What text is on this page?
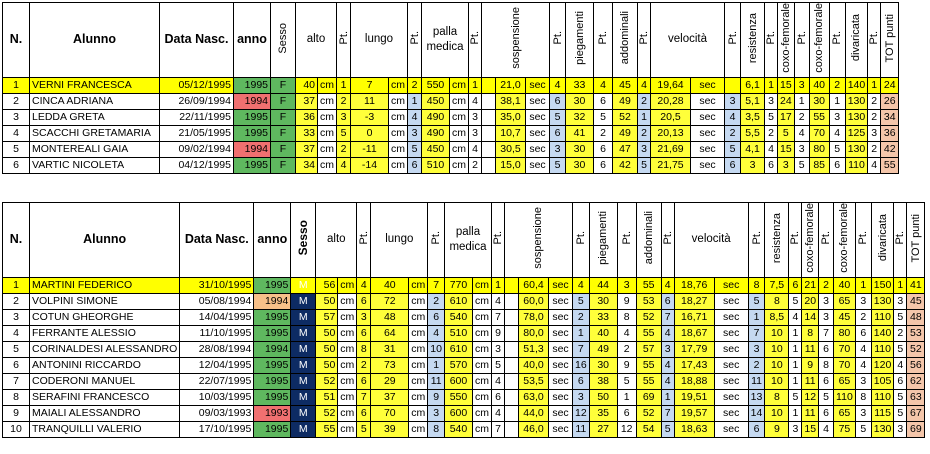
N.	Alunno	Data Nasc.	anno	Sesso	alto		Pt.	lungo		Pt.	palla
medica		Pt.	sospensione			Pt.	piegamenti	Pt.	addominali	Pt.	velocità		Pt.	resistenza	Pt.	coxo-femorale	Pt.	coxo-femorale	Pt.	divaricata	Pt.	TOT punti
1	VERNI FRANCESCA	05/12/1995	1995	F	40	cm	1	7	cm	2	550	cm	1		21,0	sec	4	33	4	45	4	19,64	sec		6,1	1	15	3	40	2	140	1	24
2	CINCA ADRIANA	26/09/1994	1994	F	37	cm	2	11	cm	1	450	cm	4		38,1	sec	6	30	6	49	2	20,28	sec	3	5,1	3	24	1	30	1	130	2	26
3	LEDDA GRETA	22/11/1995	1995	F	36	cm	3	-3	cm	4	490	cm	3		35,0	sec	5	32	5	52	1	20,5	sec	4	3,5	5	17	2	55	3	130	2	34
4	SCACCHI GRETAMARIA	21/05/1995	1995	F	33	cm	5	0	cm	3	490	cm	3		10,7	sec	6	41	2	49	2	20,13	sec	2	5,5	2	5	4	70	4	125	3	36
5	MONTEREALI GAIA	09/02/1994	1994	F	37	cm	2	-11	cm	5	450	cm	4		30,5	sec	3	30	6	47	3	21,69	sec	5	4,1	4	15	3	80	5	130	2	42
6	VARTIC NICOLETA	04/12/1995	1995	F	34	cm	4	-14	cm	6	510	cm	2		15,0	sec	5	30	6	42	5	21,75	sec	6	3	6	3	5	85	6	110	4	55
N.	Alunno	Data Nasc.	anno	Sesso	alto		Pt.	lungo		Pt.	palla
medica		Pt.	sospensione			Pt.	piegamenti	Pt.	addominali	Pt.	velocità		Pt.	resistenza	Pt.	coxo-femorale	Pt.	coxo-femorale	Pt.	divaricata	Pt.	TOT punti
1	MARTINI FEDERICO	31/10/1995	1995	M	56	cm	4	40	cm	7	770	cm	1		60,4	sec	4	44	3	55	4	18,76	sec	8	7,5	6	21	2	40	1	150	1	41
2	VOLPINI SIMONE	05/08/1994	1994	M	50	cm	6	72	cm	2	610	cm	4		60,0	sec	5	30	9	53	6	18,27	sec	5	8	5	20	3	65	3	130	3	45
3	COTUN GHEORGHE	14/04/1995	1995	M	57	cm	3	48	cm	6	540	cm	7		78,0	sec	2	33	8	52	7	16,71	sec	1	8,5	4	14	3	45	2	110	5	48
4	FERRANTE ALESSIO	11/10/1995	1995	M	50	cm	6	64	cm	4	510	cm	9		80,0	sec	1	40	4	55	4	18,67	sec	7	10	1	8	7	80	6	140	2	53
5	CORINALDESI ALESSANDRO	28/08/1994	1994	M	50	cm	8	31	cm	10	610	cm	3		51,3	sec	7	49	2	57	3	17,79	sec	3	10	1	11	6	70	4	110	5	52
6	ANTONINI RICCARDO	12/04/1995	1995	M	50	cm	2	73	cm	1	570	cm	5		40,0	sec	16	30	9	55	4	17,43	sec	2	10	1	9	8	70	4	120	4	56
7	CODERONI MANUEL	22/07/1995	1995	M	52	cm	6	29	cm	11	600	cm	4		53,5	sec	6	38	5	55	4	18,88	sec	11	10	1	11	6	65	3	105	6	62
8	SERAFINI FRANCESCO	10/03/1995	1995	M	51	cm	7	37	cm	9	550	cm	6		63,0	sec	3	50	1	69	1	19,51	sec	13	8	5	12	5	110	8	110	5	63
9	MAIALI ALESSANDRO	09/03/1993	1993	M	52	cm	6	70	cm	3	600	cm	4		44,0	sec	12	35	6	52	7	19,57	sec	14	10	1	11	6	65	3	115	5	67
10	TRANQUILLI VALERIO	17/10/1995	1995	M	55	cm	5	39	cm	8	540	cm	7		46,0	sec	11	27	12	54	5	18,63	sec	6	9	3	15	4	75	5	130	3	69
